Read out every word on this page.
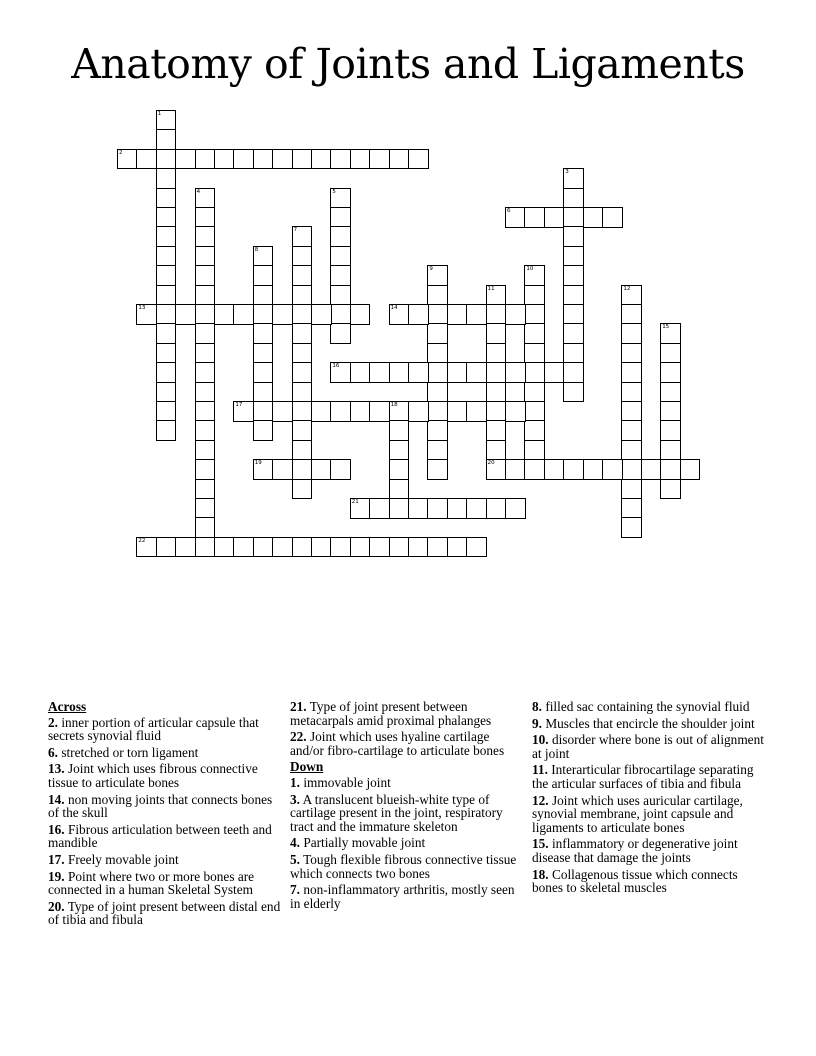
Anatomy of Joints and Ligaments
1
2
3
4	5
6
7
8
9	10
11
20
12
13	14
15
16
17	18
19
21
22
Across
2. inner portion of articular capsule that secrets synovial fluid
6. stretched or torn ligament
13. Joint which uses fibrous connective tissue to articulate bones
14. non moving joints that connects bones of the skull
16. Fibrous articulation between teeth and mandible
17. Freely movable joint
19. Point where two or more bones are connected in a human Skeletal System
20. Type of joint present between distal end of tibia and fibula
21. Type of joint present between metacarpals amid proximal phalanges
22. Joint which uses hyaline cartilage and/or fibro-cartilage to articulate bones
Down
1. immovable joint
3. A translucent blueish-white type of cartilage present in the joint, respiratory tract and the immature skeleton
4. Partially movable joint
5. Tough flexible fibrous connective tissue which connects two bones
7. non-inflammatory arthritis, mostly seen in elderly
8. filled sac containing the synovial fluid
9. Muscles that encircle the shoulder joint
10. disorder where bone is out of alignment at joint
11. Interarticular fibrocartilage separating the articular surfaces of tibia and fibula
12. Joint which uses auricular cartilage, synovial membrane, joint capsule and ligaments to articulate bones
15. inflammatory or degenerative joint disease that damage the joints
18. Collagenous tissue which connects bones to skeletal muscles
